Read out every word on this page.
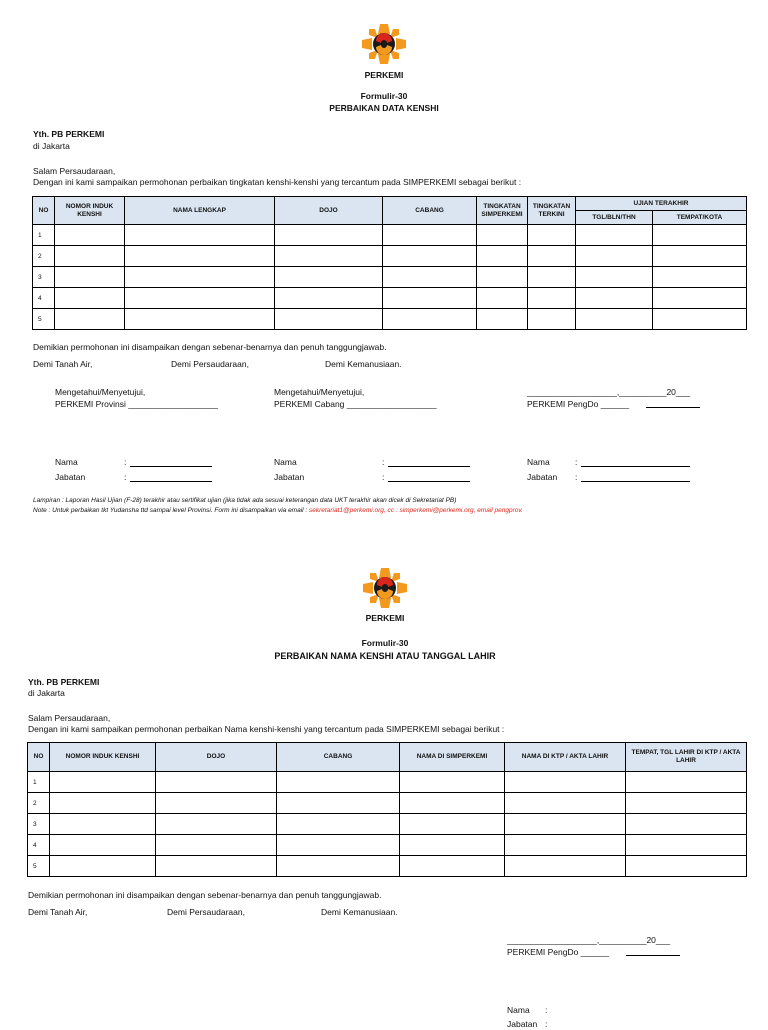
PERKEMI
Formulir-30
PERBAIKAN DATA KENSHI
Yth. PB PERKEMI
di Jakarta
Salam Persaudaraan,
Dengan ini kami sampaikan permohonan perbaikan tingkatan kenshi-kenshi yang tercantum pada SIMPERKEMI sebagai berikut :
NO	NOMOR INDUK KENSHI	NAMA LENGKAP	DOJO	CABANG	TINGKATAN SIMPERKEMI	TINGKATAN TERKINI	UJIAN TERAKHIR	
							TGL/BLN/THN	TEMPAT/KOTA
1								
2								
3								
4								
5								
Demikian permohonan ini disampaikan dengan sebenar-benarnya dan penuh tanggungjawab.
Demi Tanah Air,	Demi Persaudaraan,	Demi Kemanusiaan.
Mengetahui/Menyetujui,
PERKEMI Provinsi ___________________
Mengetahui/Menyetujui,
PERKEMI Cabang ___________________
___________________,__________20___
PERKEMI PengDo ______
Nama	:
Jabatan	:
Nama	:
Jabatan	:
Nama	:
Jabatan :
Lampiran : Laporan Hasil Ujian (F-28) terakhir atau sertifikat ujian (jika tidak ada sesuai keterangan data UKT terakhir akan dicek di Sekretariat PB)
Note : Untuk perbaikan tkt Yudansha ttd sampai level Provinsi. Form ini disampaikan via email : sekretariat1@perkemi.org, cc : simperkemi@perkemi.org, email pengprov.
PERKEMI
Formulir-30
PERBAIKAN NAMA KENSHI ATAU TANGGAL LAHIR
Yth. PB PERKEMI
di Jakarta
Salam Persaudaraan,
Dengan ini kami sampaikan permohonan perbaikan Nama kenshi-kenshi yang tercantum pada SIMPERKEMI sebagai berikut :
NO	NOMOR INDUK KENSHI	DOJO	CABANG	NAMA DI SIMPERKEMI	NAMA DI KTP / AKTA LAHIR	TEMPAT, TGL LAHIR DI KTP / AKTA LAHIR
1						
2						
3						
4						
5						
Demikian permohonan ini disampaikan dengan sebenar-benarnya dan penuh tanggungjawab.
Demi Tanah Air,	Demi Persaudaraan,	Demi Kemanusiaan.
___________________,__________20___
PERKEMI PengDo ______
Nama :
Jabatan :
